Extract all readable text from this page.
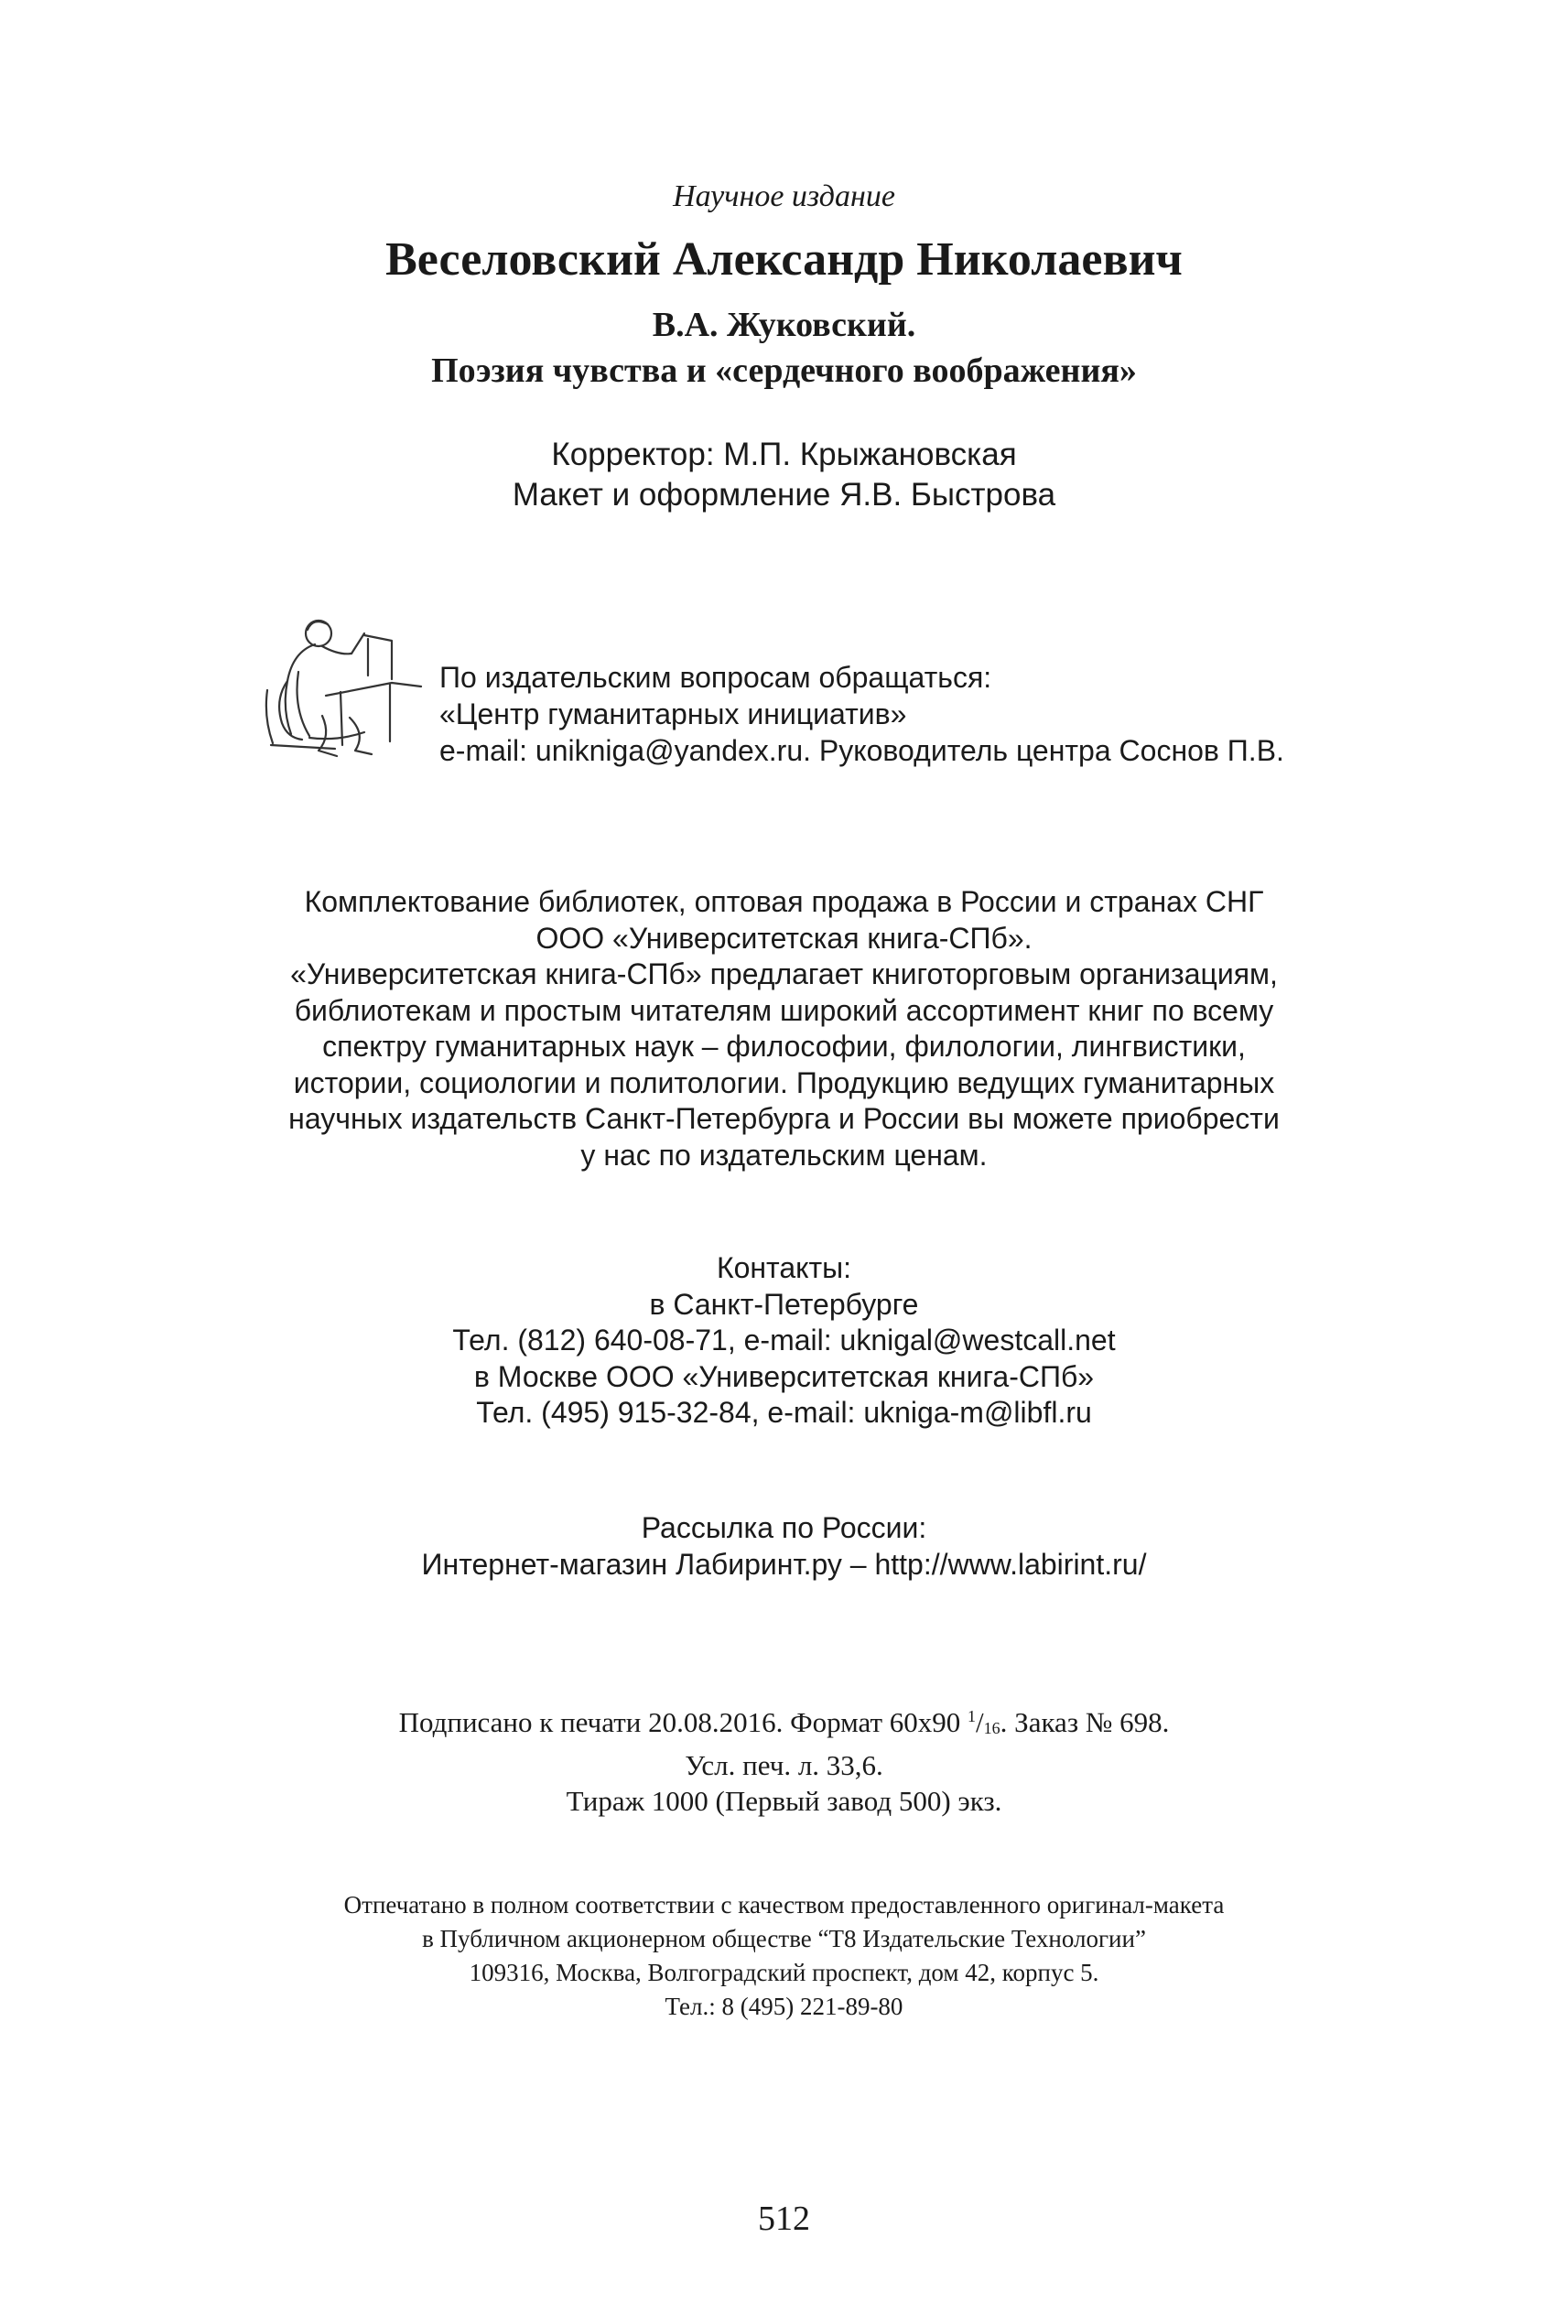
Научное издание
Веселовский Александр Николаевич
В.А. Жуковский.
Поэзия чувства и «сердечного воображения»
Корректор: М.П. Крыжановская
Макет и оформление Я.В. Быстрова
По издательским вопросам обращаться:
«Центр гуманитарных инициатив»
e-mail: unikniga@yandex.ru. Руководитель центра Соснов П.В.
Комплектование библиотек, оптовая продажа в России и странах СНГ
ООО «Университетская книга-СПб».
«Университетская книга-СПб» предлагает книготорговым организациям,
библиотекам и простым читателям широкий ассортимент книг по всему
спектру гуманитарных наук – философии, филологии, лингвистики,
истории, социологии и политологии. Продукцию ведущих гуманитарных
научных издательств Санкт-Петербурга и России вы можете приобрести
у нас по издательским ценам.
Контакты:
в Санкт-Петербурге
Тел. (812) 640-08-71, e-mail: uknigal@westcall.net
в Москве ООО «Университетская книга-СПб»
Тел. (495) 915-32-84, e-mail: ukniga-m@libfl.ru
Рассылка по России:
Интернет-магазин Лабиринт.ру – http://www.labirint.ru/
Подписано к печати 20.08.2016. Формат 60x90 $^1/_{16}$. Заказ № 698.
Усл. печ. л. 33,6.
Тираж 1000 (Первый завод 500) экз.
Отпечатано в полном соответствии с качеством предоставленного оригинал-макета
в Публичном акционерном обществе “T8 Издательские Технологии”
109316, Москва, Волгоградский проспект, дом 42, корпус 5.
Тел.: 8 (495) 221-89-80
512
